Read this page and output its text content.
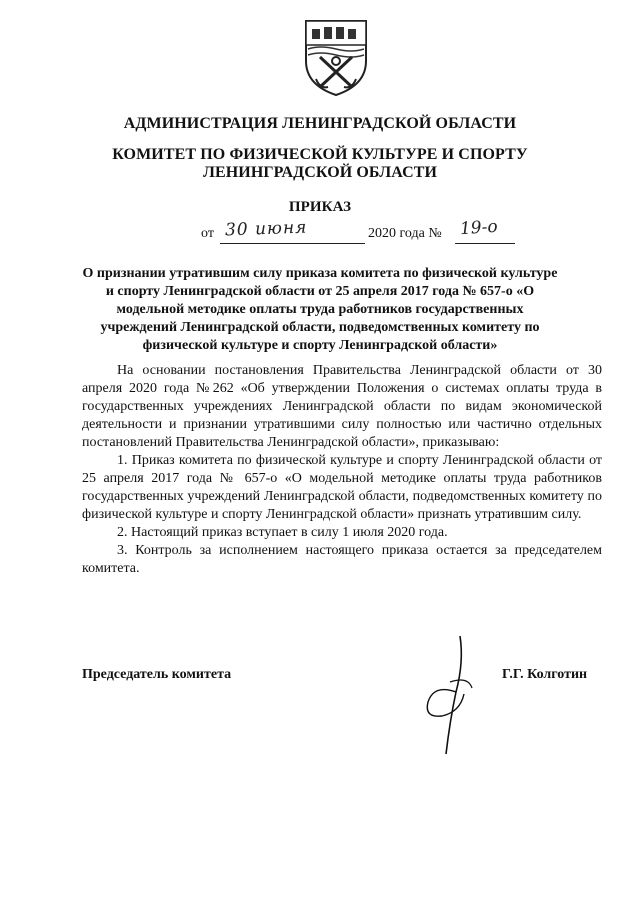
АДМИНИСТРАЦИЯ ЛЕНИНГРАДСКОЙ ОБЛАСТИ
КОМИТЕТ ПО ФИЗИЧЕСКОЙ КУЛЬТУРЕ И СПОРТУ
ЛЕНИНГРАДСКОЙ ОБЛАСТИ
ПРИКАЗ
от 30 июня	2020 года № 19-о
О признании утратившим силу приказа комитета по физической культуре
и спорту Ленинградской области от 25 апреля 2017 года № 657-о «О
модельной методике оплаты труда работников государственных
учреждений Ленинградской области, подведомственных комитету по
физической культуре и спорту Ленинградской области»

На основании постановления Правительства Ленинградской области от 30 апреля 2020 года №262 «Об утверждении Положения о системах оплаты труда в государственных учреждениях Ленинградской области по видам экономической деятельности и признании утратившими силу полностью или частично отдельных постановлений Правительства Ленинградской области», приказываю:

1. Приказ комитета по физической культуре и спорту Ленинградской области от 25 апреля 2017 года № 657-о «О модельной методике оплаты труда работников государственных учреждений Ленинградской области, подведомственных комитету по физической культуре и спорту Ленинградской области» признать утратившим силу.

2. Настоящий приказ вступает в силу 1 июля 2020 года.

3. Контроль за исполнением настоящего приказа остается за председателем комитета.

Председатель комитета	Г.Г. Колготин
